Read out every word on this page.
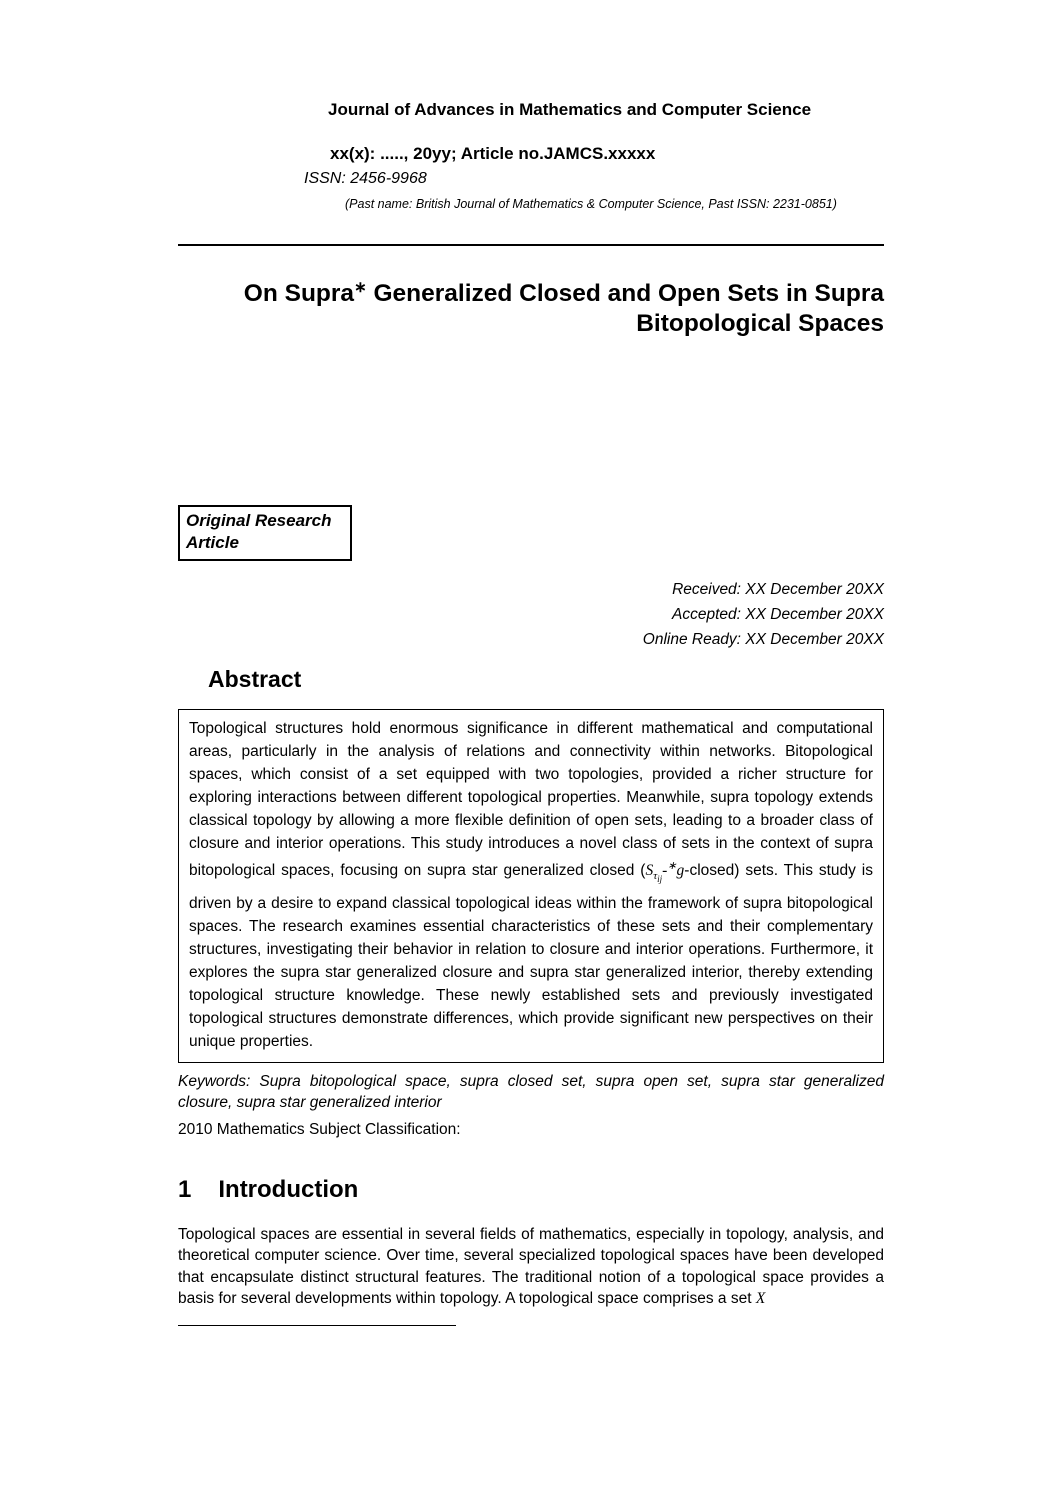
Journal of Advances in Mathematics and Computer Science
xx(x): ....., 20yy; Article no.JAMCS.xxxxx
ISSN: 2456-9968
(Past name: British Journal of Mathematics & Computer Science, Past ISSN: 2231-0851)
On Supra∗ Generalized Closed and Open Sets in Supra
Bitopological Spaces
Original Research
Article
Received: XX December 20XX
Accepted: XX December 20XX
Online Ready: XX December 20XX
Abstract
Topological structures hold enormous significance in different mathematical and computational areas, particularly in the analysis of relations and connectivity within networks. Bitopological spaces, which consist of a set equipped with two topologies, provided a richer structure for exploring interactions between different topological properties. Meanwhile, supra topology extends classical topology by allowing a more flexible definition of open sets, leading to a broader class of closure and interior operations. This study introduces a novel class of sets in the context of supra bitopological spaces, focusing on supra star generalized closed $(S_{\tau_{ij}}-^∗g-closed)$ sets. This study is driven by a desire to expand classical topological ideas within the framework of supra bitopological spaces. The research examines essential characteristics of these sets and their complementary structures, investigating their behavior in relation to closure and interior operations. Furthermore, it explores the supra star generalized closure and supra star generalized interior, thereby extending topological structure knowledge. These newly established sets and previously investigated topological structures demonstrate differences, which provide significant new perspectives on their unique properties.
Keywords: Supra bitopological space, supra closed set, supra open set, supra star generalized closure, supra star generalized interior
2010 Mathematics Subject Classification:
1 Introduction

Topological spaces are essential in several fields of mathematics, especially in topology, analysis, and theoretical computer science. Over time, several specialized topological spaces have been developed that encapsulate distinct structural features. The traditional notion of a topological space provides a basis for several developments within topology. A topological space comprises a set X
